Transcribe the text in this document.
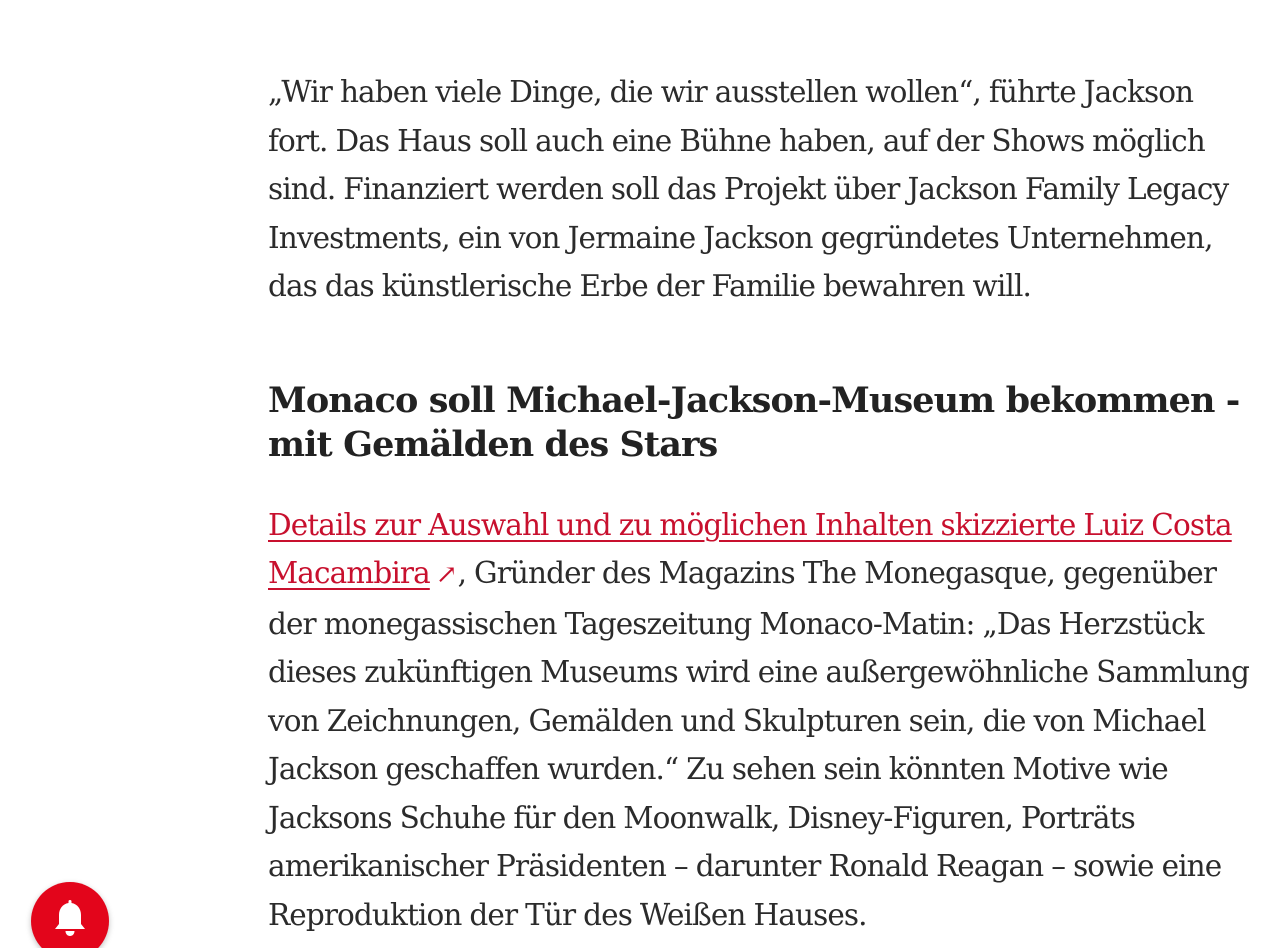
„Wir haben viele Dinge, die wir ausstellen wollen“, führte Jackson fort. Das Haus soll auch eine Bühne haben, auf der Shows möglich sind. Finanziert werden soll das Projekt über Jackson Family Legacy Investments, ein von Jermaine Jackson gegründetes Unternehmen, das das künstlerische Erbe der Familie bewahren will.

Monaco soll Michael-Jackson-Museum bekommen - mit Gemälden des Stars

Details zur Auswahl und zu möglichen Inhalten skizzierte Luiz Costa Macambira ↗, Gründer des Magazins The Monegasque, gegenüber der monegassischen Tageszeitung Monaco-Matin: „Das Herzstück dieses zukünftigen Museums wird eine außergewöhnliche Sammlung von Zeichnungen, Gemälden und Skulpturen sein, die von Michael Jackson geschaffen wurden.“ Zu sehen sein könnten Motive wie Jacksons Schuhe für den Moonwalk, Disney-Figuren, Porträts amerikanischer Präsidenten – darunter Ronald Reagan – sowie eine Reproduktion der Tür des Weißen Hauses.
